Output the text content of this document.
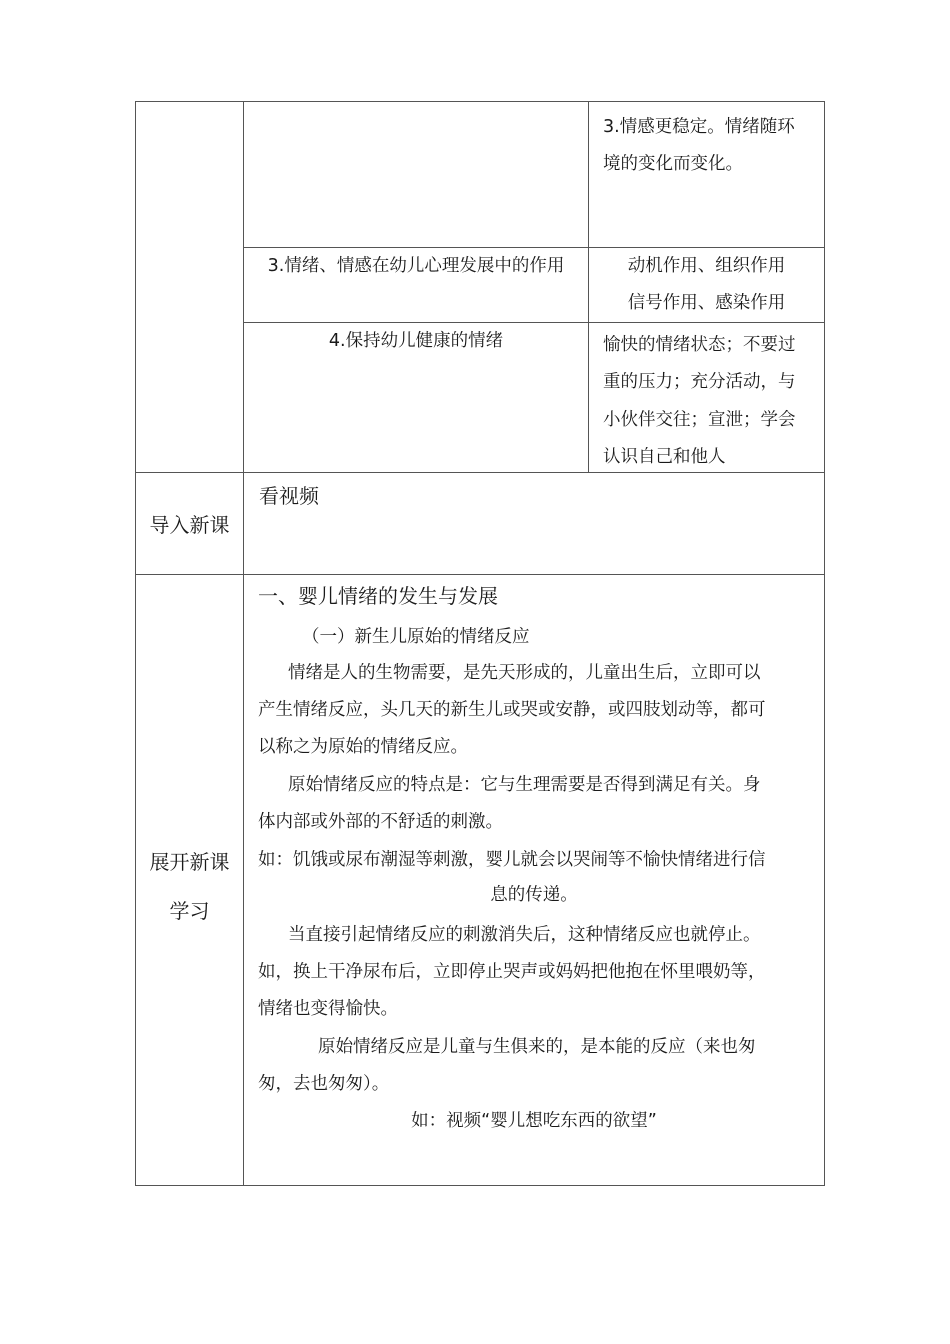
3.情感更稳定。情绪随环
境的变化而变化。
3.情绪、情感在幼儿心理发展中的作用	动机作用、组织作用
信号作用、感染作用
4.保持幼儿健康的情绪	愉快的情绪状态；不要过
重的压力；充分活动，与
小伙伴交往；宣泄；学会
认识自己和他人
导入新课
看视频
展开新课
学习
一、婴儿情绪的发生与发展
（一）新生儿原始的情绪反应
情绪是人的生物需要，是先天形成的，儿童出生后，立即可以
产生情绪反应，头几天的新生儿或哭或安静，或四肢划动等，都可
以称之为原始的情绪反应。
原始情绪反应的特点是：它与生理需要是否得到满足有关。身
体内部或外部的不舒适的刺激。
如：饥饿或尿布潮湿等刺激，婴儿就会以哭闹等不愉快情绪进行信
息的传递。
当直接引起情绪反应的刺激消失后，这种情绪反应也就停止。
如，换上干净尿布后，立即停止哭声或妈妈把他抱在怀里喂奶等，
情绪也变得愉快。
原始情绪反应是儿童与生俱来的，是本能的反应（来也匆
匆，去也匆匆）。
如：视频“婴儿想吃东西的欲望”
